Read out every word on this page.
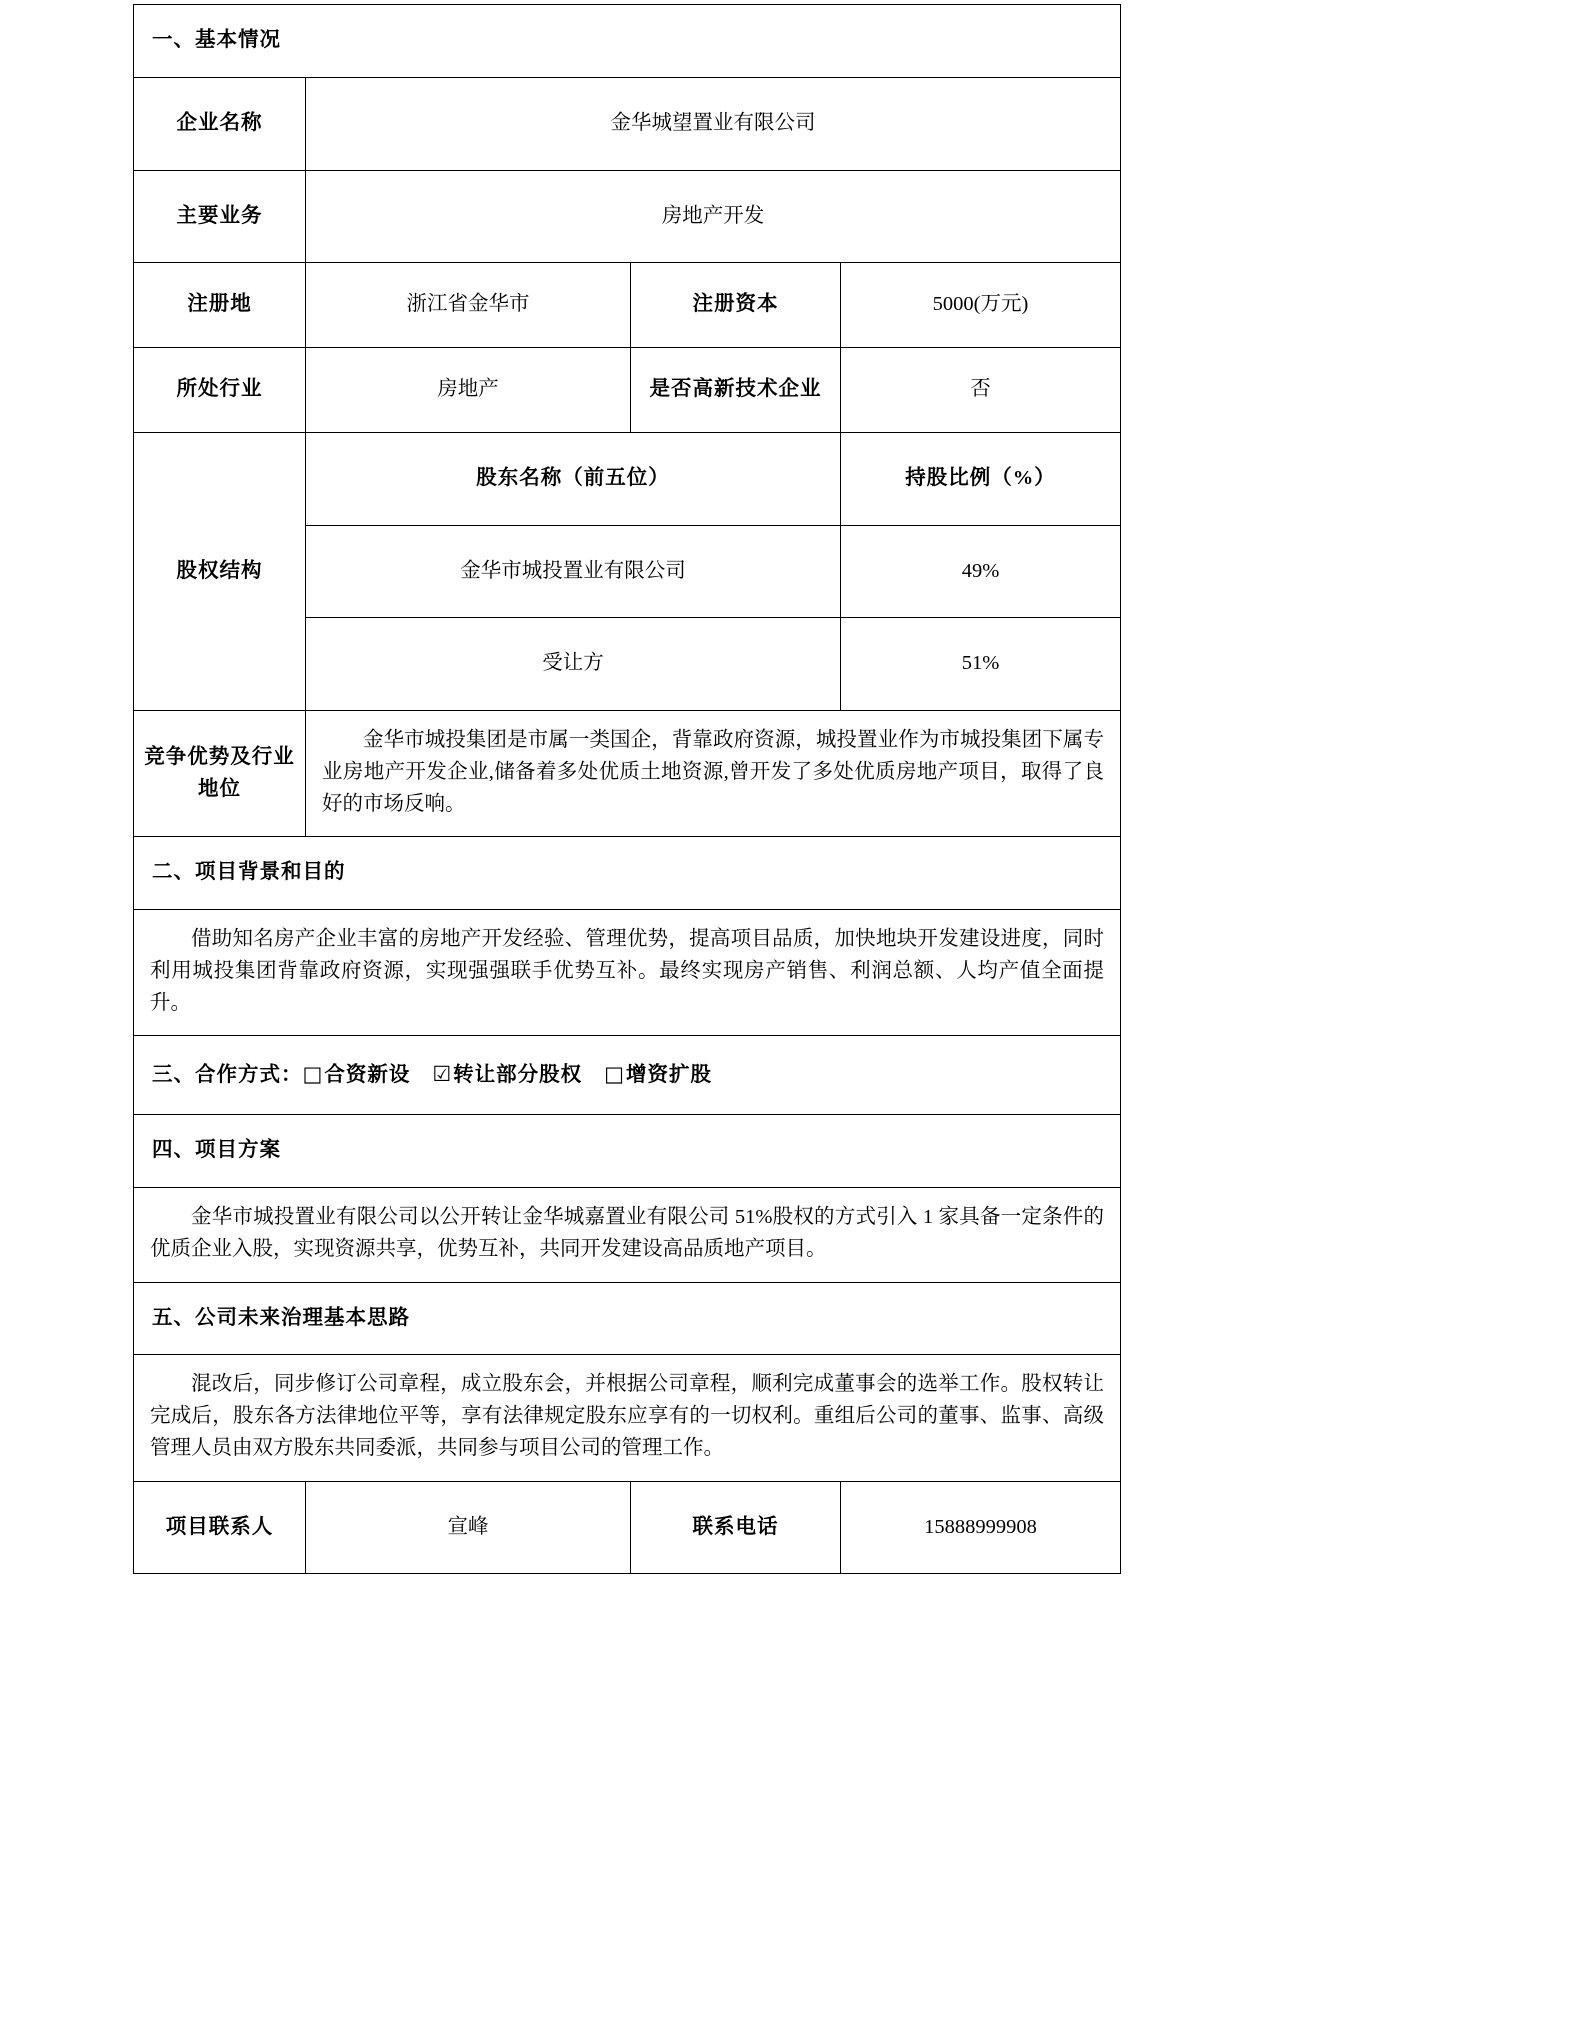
一、基本情况			
企业名称	金华城望置业有限公司		
主要业务	房地产开发		
注册地	浙江省金华市	注册资本	5000(万元)
所处行业	房地产	是否高新技术企业	否
股权结构	股东名称（前五位）		持股比例（%）
	金华市城投置业有限公司		49%
	受让方		51%
竞争优势及行业地位	金华市城投集团是市属一类国企，背靠政府资源，城投置业作为市城投集团下属专业房地产开发企业,储备着多处优质土地资源,曾开发了多处优质房地产项目，取得了良好的市场反响。		
二、项目背景和目的			
借助知名房产企业丰富的房地产开发经验、管理优势，提高项目品质，加快地块开发建设进度，同时利用城投集团背靠政府资源，实现强强联手优势互补。最终实现房产销售、利润总额、人均产值全面提升。			
三、合作方式：□合资新设 ☑转让部分股权 □增资扩股			
四、项目方案			
金华市城投置业有限公司以公开转让金华城嘉置业有限公司 51%股权的方式引入 1 家具备一定条件的优质企业入股，实现资源共享，优势互补，共同开发建设高品质地产项目。			
五、公司未来治理基本思路			
混改后，同步修订公司章程，成立股东会，并根据公司章程，顺利完成董事会的选举工作。股权转让完成后，股东各方法律地位平等，享有法律规定股东应享有的一切权利。重组后公司的董事、监事、高级管理人员由双方股东共同委派，共同参与项目公司的管理工作。			
项目联系人	宣峰	联系电话	15888999908
